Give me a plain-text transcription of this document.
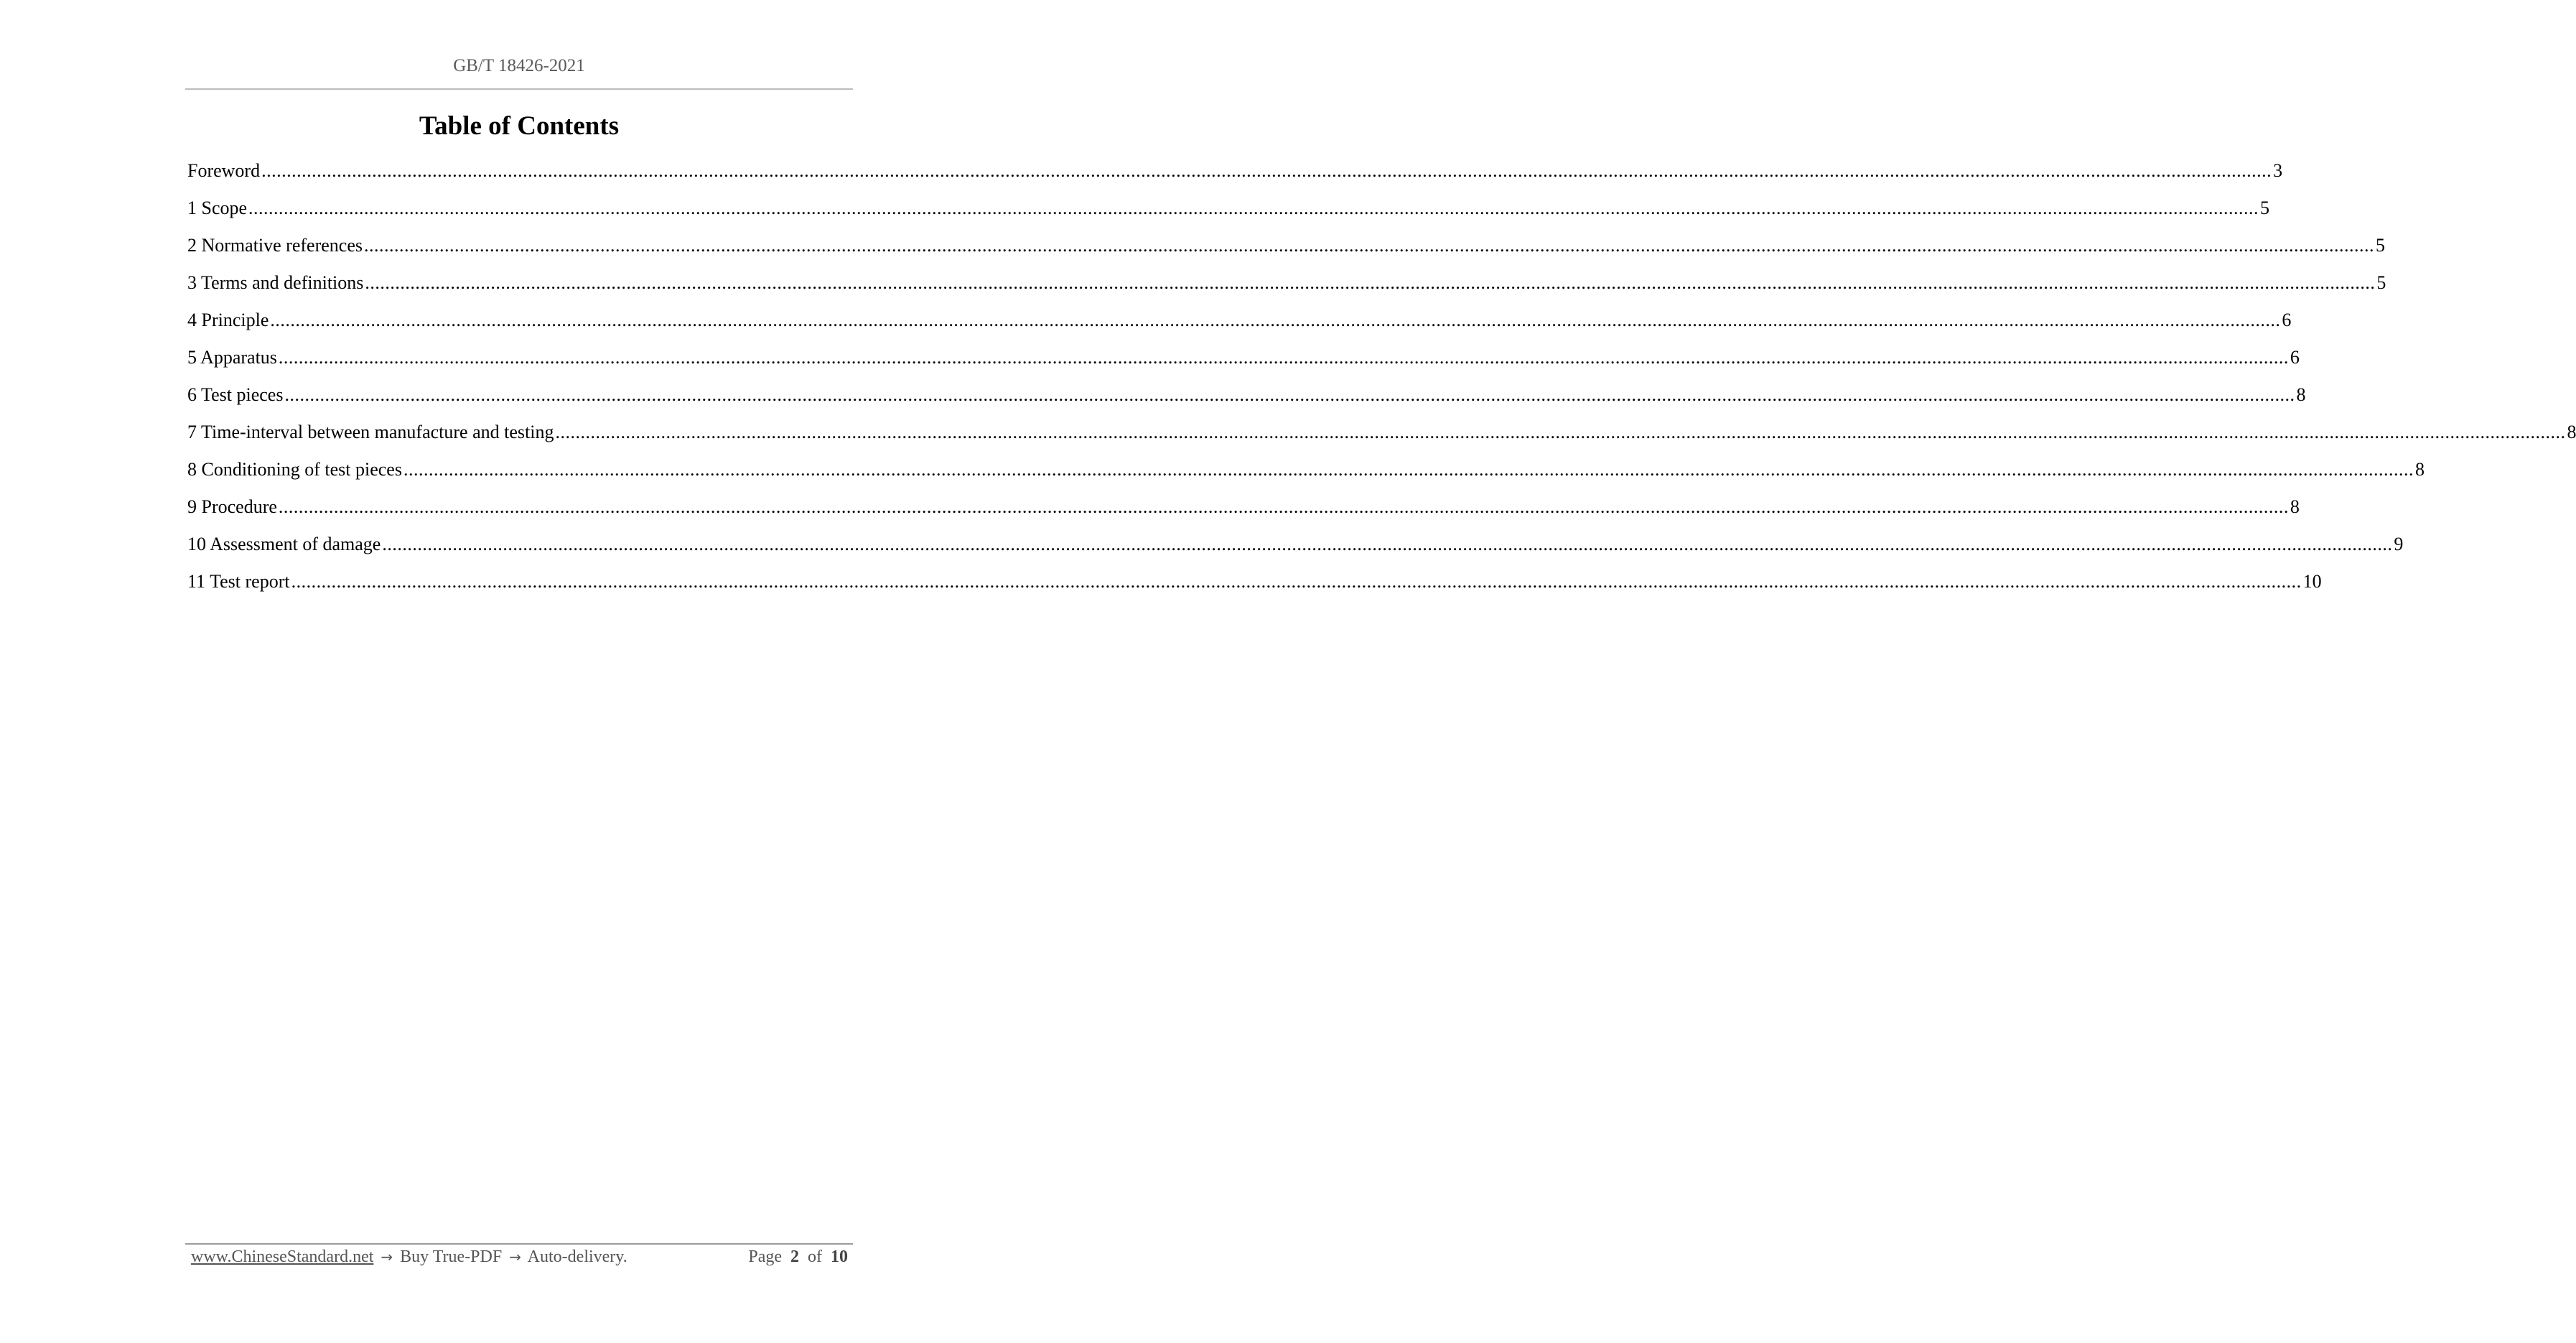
GB/T 18426-2021
Table of Contents
Foreword ................................................................................................................................................................................................................................................................................................................................................................................................................ 3
1 Scope ................................................................................................................................................................................................................................................................................................................................................................................................................ 5
2 Normative references ................................................................................................................................................................................................................................................................................................................................................................................................................ 5
3 Terms and definitions ................................................................................................................................................................................................................................................................................................................................................................................................................ 5
4 Principle ................................................................................................................................................................................................................................................................................................................................................................................................................ 6
5 Apparatus ................................................................................................................................................................................................................................................................................................................................................................................................................ 6
6 Test pieces ................................................................................................................................................................................................................................................................................................................................................................................................................ 8
7 Time-interval between manufacture and testing ................................................................................................................................................................................................................................................................................................................................................................................................................ 8
8 Conditioning of test pieces ................................................................................................................................................................................................................................................................................................................................................................................................................ 8
9 Procedure ................................................................................................................................................................................................................................................................................................................................................................................................................ 8
10 Assessment of damage ................................................................................................................................................................................................................................................................................................................................................................................................................ 9
11 Test report ................................................................................................................................................................................................................................................................................................................................................................................................................ 10
www.ChineseStandard.net → Buy True-PDF → Auto-delivery.	Page 2 of 10
